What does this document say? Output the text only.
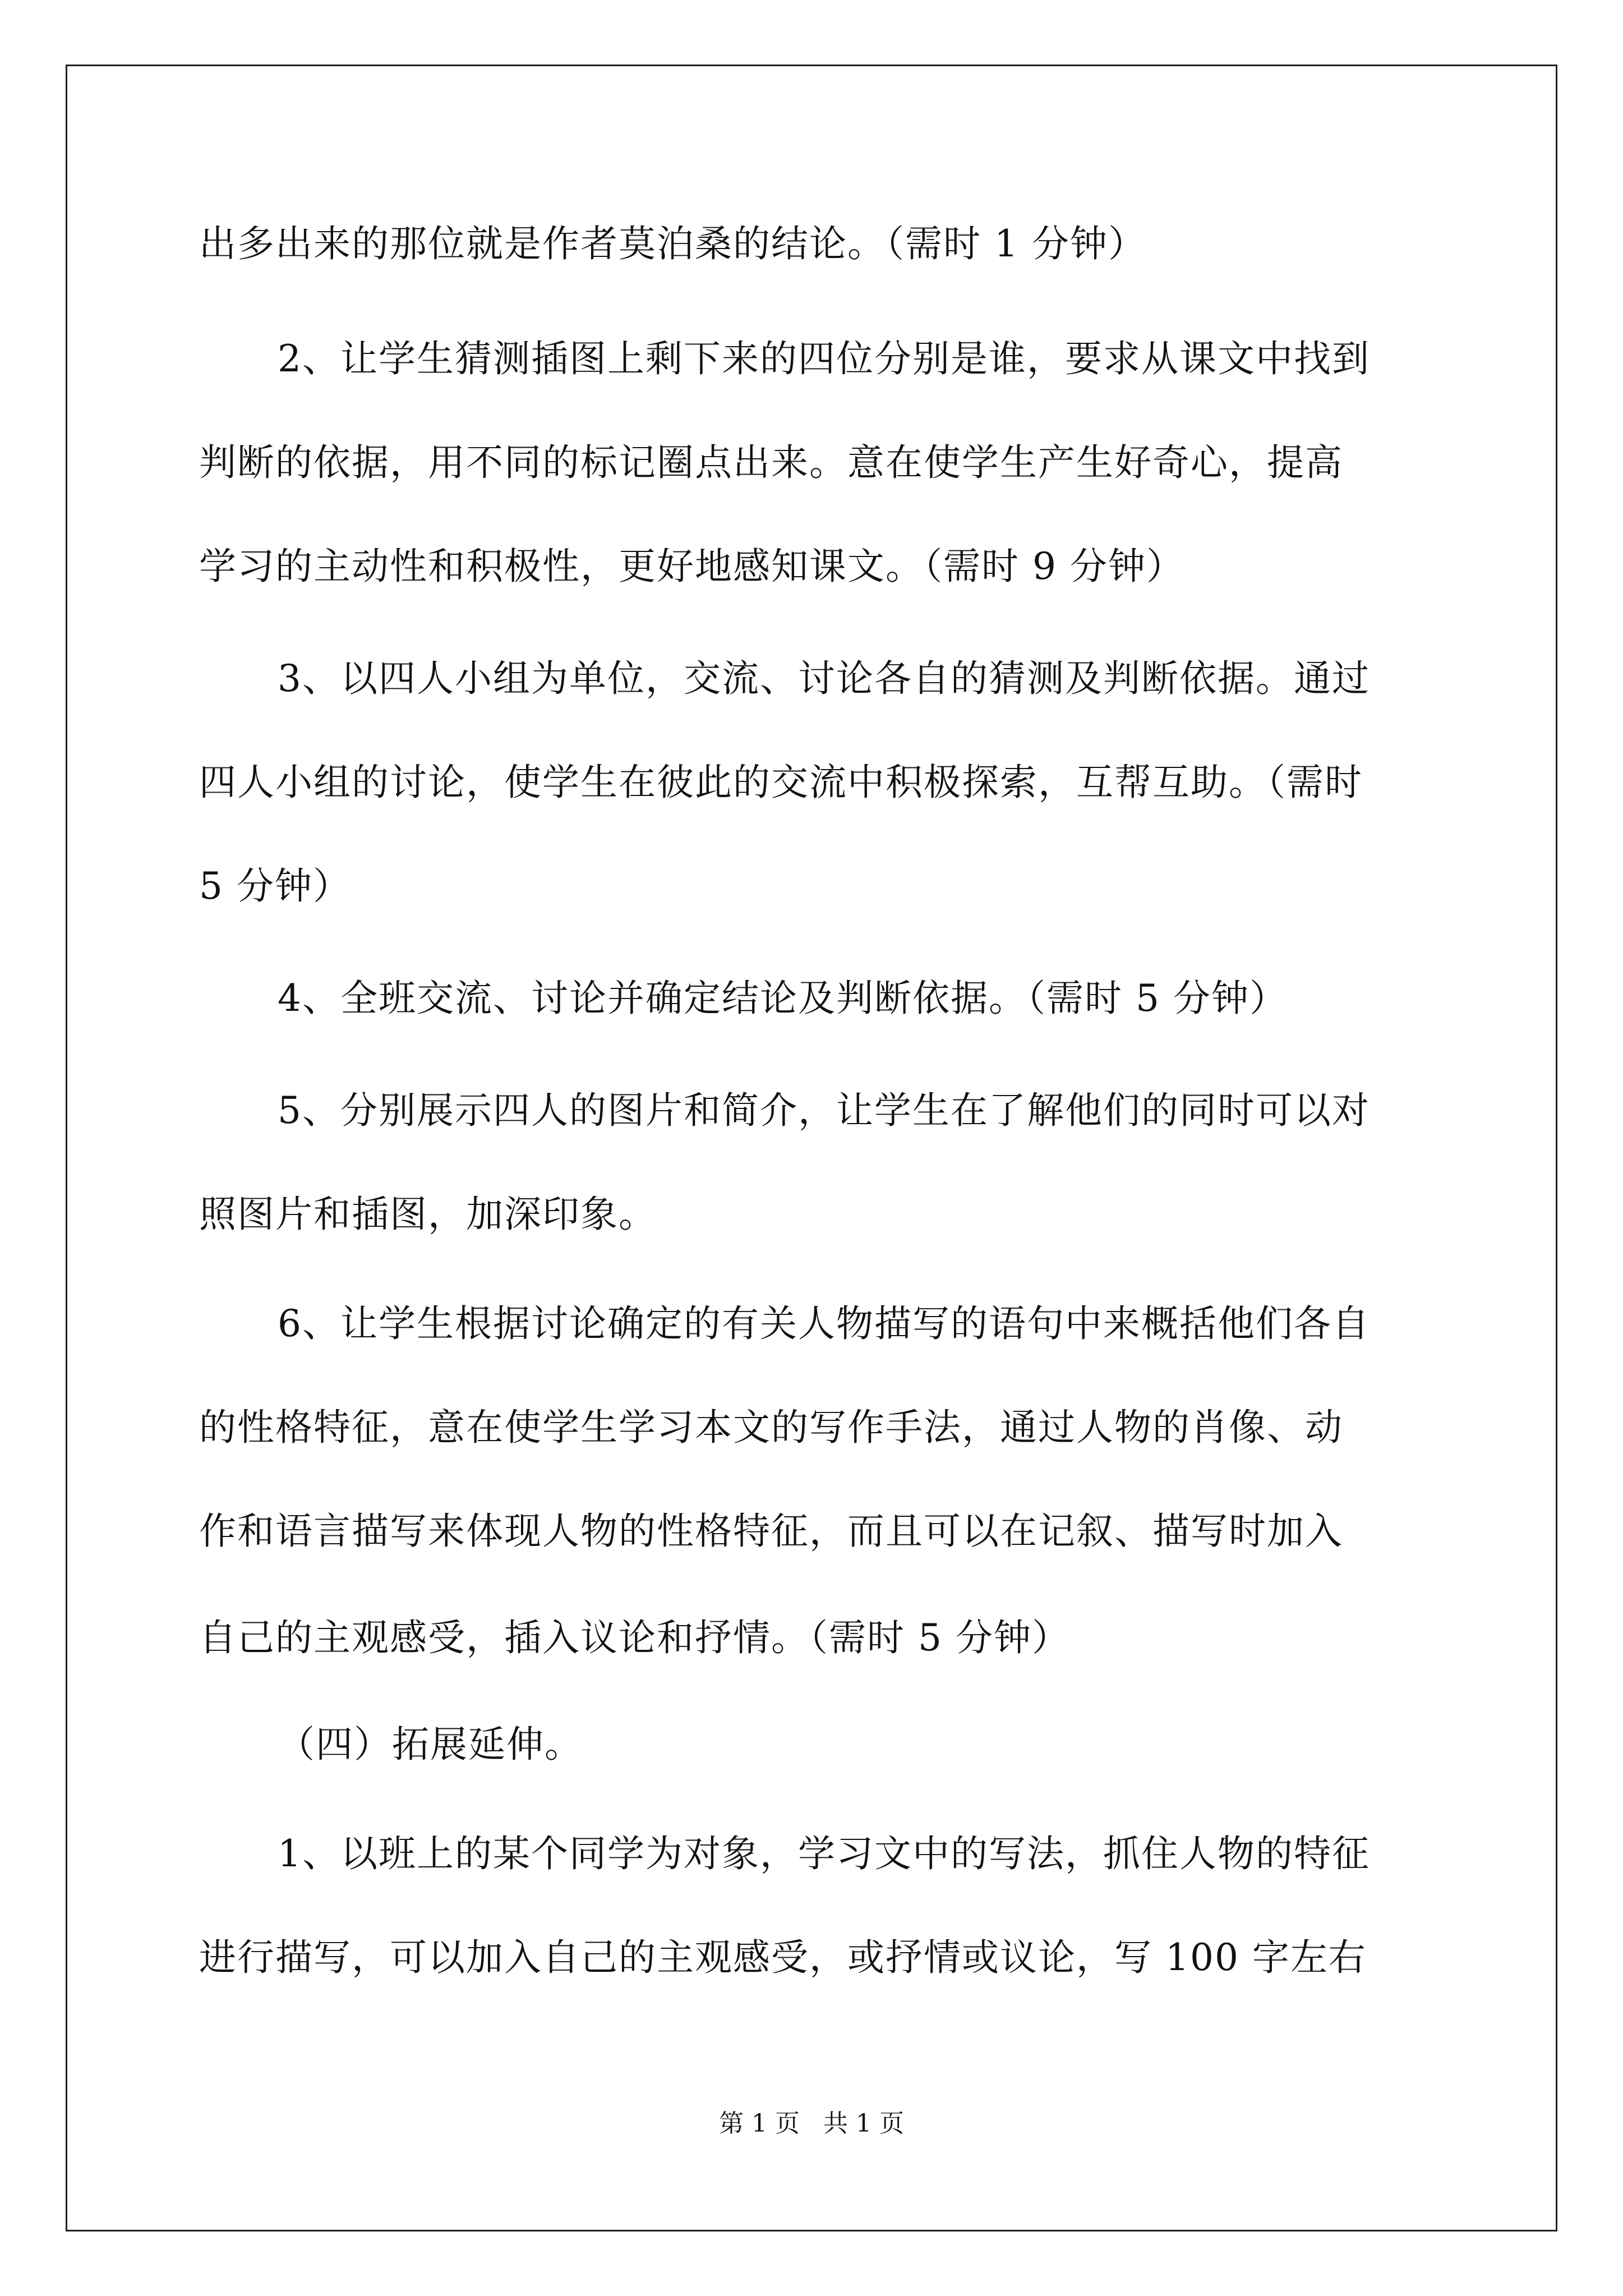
出多出来的那位就是作者莫泊桑的结论。（需时 1 分钟）
2、让学生猜测插图上剩下来的四位分别是谁，要求从课文中找到
判断的依据，用不同的标记圈点出来。意在使学生产生好奇心，提高
学习的主动性和积极性，更好地感知课文。（需时 9 分钟）
3、以四人小组为单位，交流、讨论各自的猜测及判断依据。通过
四人小组的讨论，使学生在彼此的交流中积极探索，互帮互助。（需时
5 分钟）
4、全班交流、讨论并确定结论及判断依据。（需时 5 分钟）
5、分别展示四人的图片和简介，让学生在了解他们的同时可以对
照图片和插图，加深印象。
6、让学生根据讨论确定的有关人物描写的语句中来概括他们各自
的性格特征，意在使学生学习本文的写作手法，通过人物的肖像、动
作和语言描写来体现人物的性格特征，而且可以在记叙、描写时加入
自己的主观感受，插入议论和抒情。（需时 5 分钟）
（四）拓展延伸。
1、以班上的某个同学为对象，学习文中的写法，抓住人物的特征
进行描写，可以加入自己的主观感受，或抒情或议论，写 100 字左右
第 1 页   共 1 页
